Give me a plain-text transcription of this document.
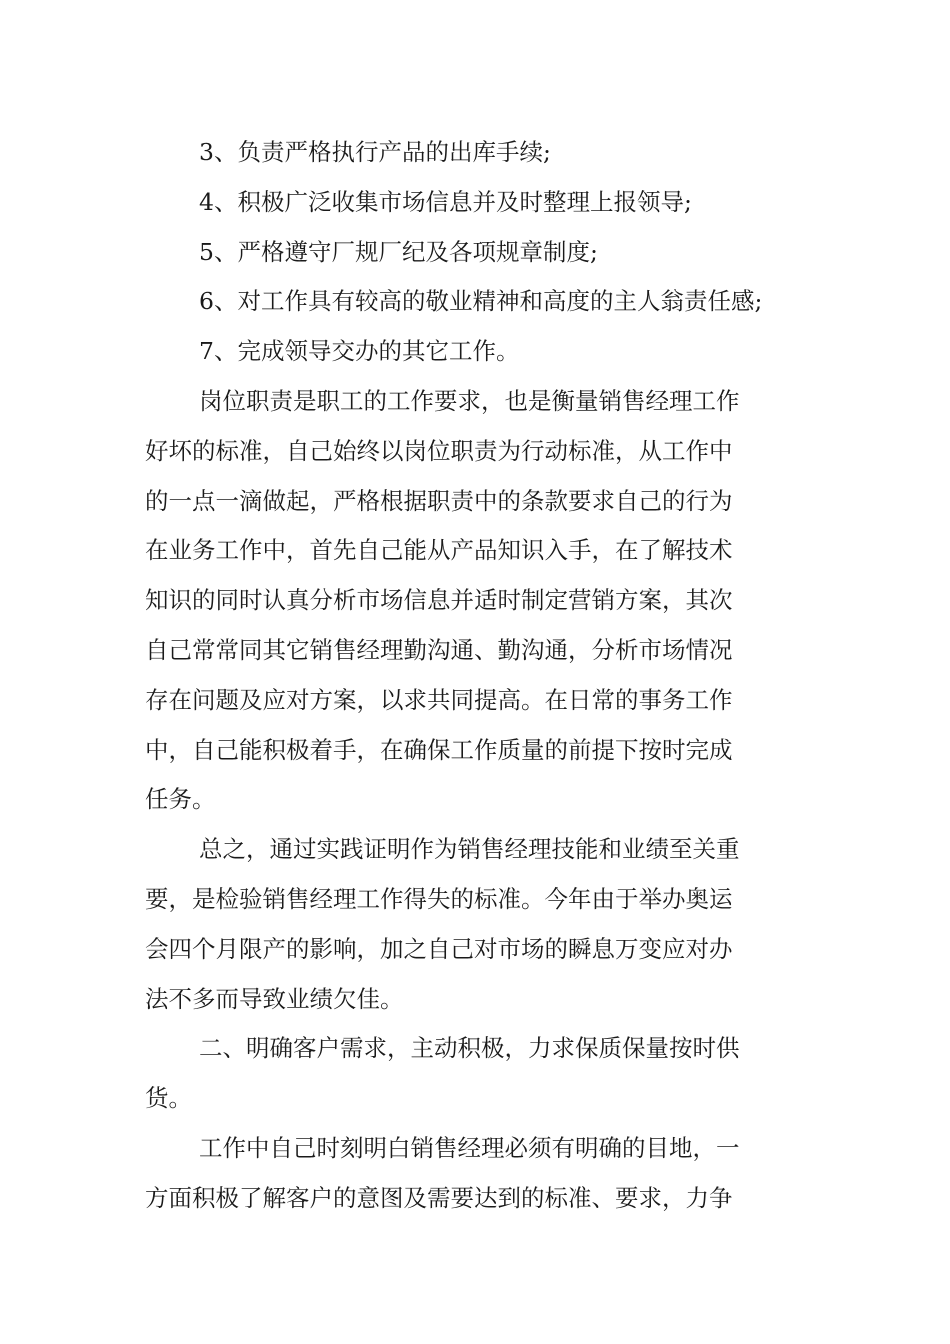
3、负责严格执行产品的出库手续;
4、积极广泛收集市场信息并及时整理上报领导;
5、严格遵守厂规厂纪及各项规章制度;
6、对工作具有较高的敬业精神和高度的主人翁责任感;
7、完成领导交办的其它工作。
岗位职责是职工的工作要求，也是衡量销售经理工作
好坏的标准，自己始终以岗位职责为行动标准，从工作中
的一点一滴做起，严格根据职责中的条款要求自己的行为
在业务工作中，首先自己能从产品知识入手，在了解技术
知识的同时认真分析市场信息并适时制定营销方案，其次
自己常常同其它销售经理勤沟通、勤沟通，分析市场情况
存在问题及应对方案，以求共同提高。在日常的事务工作
中，自己能积极着手，在确保工作质量的前提下按时完成
任务。
总之，通过实践证明作为销售经理技能和业绩至关重
要，是检验销售经理工作得失的标准。今年由于举办奥运
会四个月限产的影响，加之自己对市场的瞬息万变应对办
法不多而导致业绩欠佳。
二、明确客户需求，主动积极，力求保质保量按时供
货。
工作中自己时刻明白销售经理必须有明确的目地，一
方面积极了解客户的意图及需要达到的标准、要求，力争
